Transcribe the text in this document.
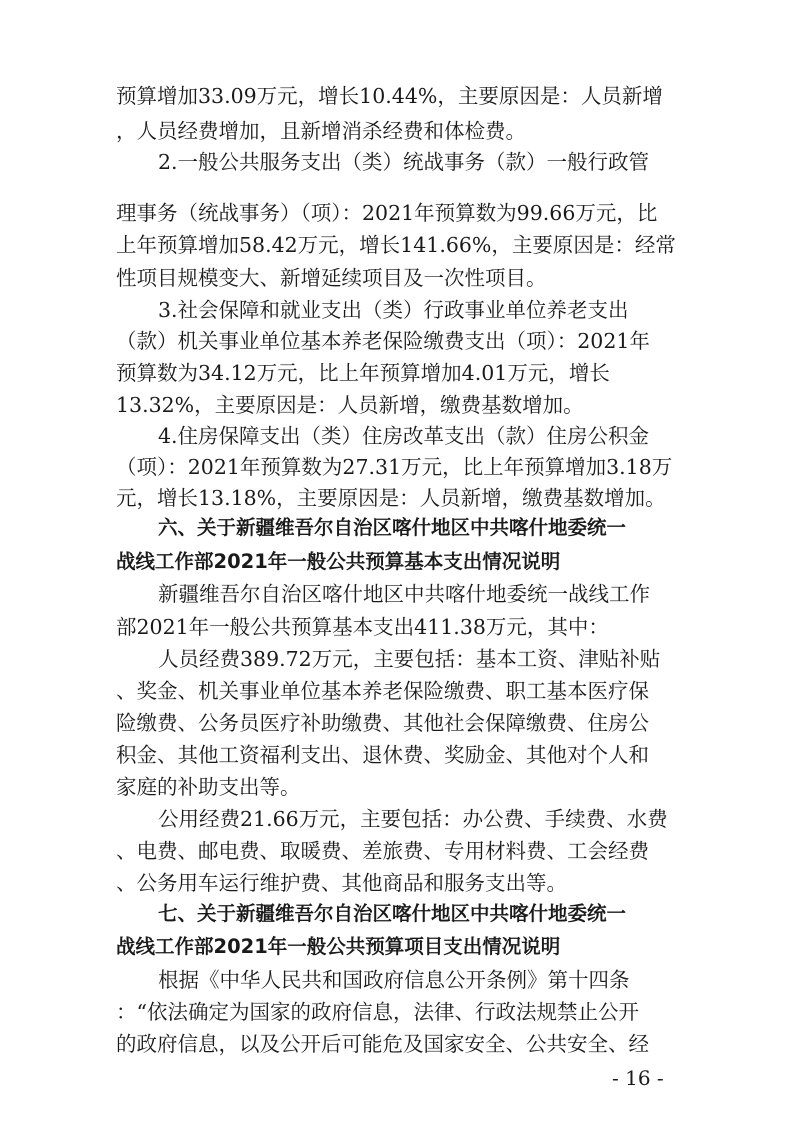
预算增加33.09万元，增长10.44%，主要原因是：人员新增
，人员经费增加，且新增消杀经费和体检费。
2.一般公共服务支出（类）统战事务（款）一般行政管
理事务（统战事务）（项）：2021年预算数为99.66万元，比
上年预算增加58.42万元，增长141.66%，主要原因是：经常
性项目规模变大、新增延续项目及一次性项目。
3.社会保障和就业支出（类）行政事业单位养老支出
（款）机关事业单位基本养老保险缴费支出（项）：2021年
预算数为34.12万元，比上年预算增加4.01万元，增长
13.32%，主要原因是：人员新增，缴费基数增加。
4.住房保障支出（类）住房改革支出（款）住房公积金
（项）：2021年预算数为27.31万元，比上年预算增加3.18万
元，增长13.18%，主要原因是：人员新增，缴费基数增加。
六、关于新疆维吾尔自治区喀什地区中共喀什地委统一
战线工作部2021年一般公共预算基本支出情况说明
新疆维吾尔自治区喀什地区中共喀什地委统一战线工作
部2021年一般公共预算基本支出411.38万元，其中：
人员经费389.72万元，主要包括：基本工资、津贴补贴
、奖金、机关事业单位基本养老保险缴费、职工基本医疗保
险缴费、公务员医疗补助缴费、其他社会保障缴费、住房公
积金、其他工资福利支出、退休费、奖励金、其他对个人和
家庭的补助支出等。
公用经费21.66万元，主要包括：办公费、手续费、水费
、电费、邮电费、取暖费、差旅费、专用材料费、工会经费
、公务用车运行维护费、其他商品和服务支出等。
七、关于新疆维吾尔自治区喀什地区中共喀什地委统一
战线工作部2021年一般公共预算项目支出情况说明
根据《中华人民共和国政府信息公开条例》第十四条
：“依法确定为国家的政府信息，法律、行政法规禁止公开
的政府信息，以及公开后可能危及国家安全、公共安全、经
- 16 -
